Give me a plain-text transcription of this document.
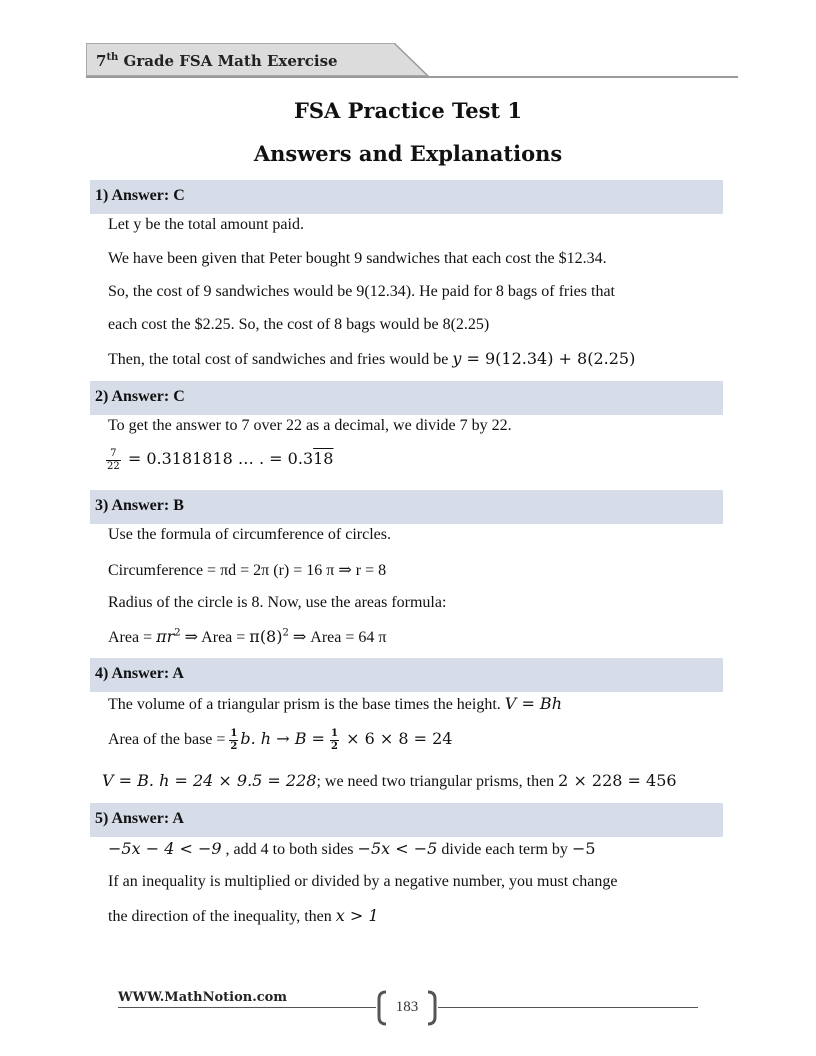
7th Grade FSA Math Exercise
FSA Practice Test 1
Answers and Explanations
1) Answer: C
Let y be the total amount paid.
We have been given that Peter bought 9 sandwiches that each cost the $12.34.
So, the cost of 9 sandwiches would be 9(12.34). He paid for 8 bags of fries that
each cost the $2.25. So, the cost of 8 bags would be 8(2.25)
Then, the total cost of sandwiches and fries would be y = 9(12.34) + 8(2.25)
2) Answer: C
To get the answer to 7 over 22 as a decimal, we divide 7 by 22.
$\frac{7}{22} = 0.3181818$ … . = 0.318
3) Answer: B
Use the formula of circumference of circles.
Circumference = πd = 2π (r) = 16 π ⇒ r = 8
Radius of the circle is 8. Now, use the areas formula:
Area = $\pi r^2$ ⇒ Area = $\pi(8)^2$ ⇒ Area = 64 π
4) Answer: A
The volume of a triangular prism is the base times the height. V = Bh
Area of the base = $\frac{1}{2} b$. $h \to B = \frac{1}{2} \times 6 \times 8 = 24$
V = B. h = 24 × 9.5 = 228; we need two triangular prisms, then 2 × 228 = 456
5) Answer: A
−5x − 4 < −9 , add 4 to both sides −5x < −5 divide each term by −5
If an inequality is multiplied or divided by a negative number, you must change
the direction of the inequality, then x > 1
WWW.MathNotion.com
183
